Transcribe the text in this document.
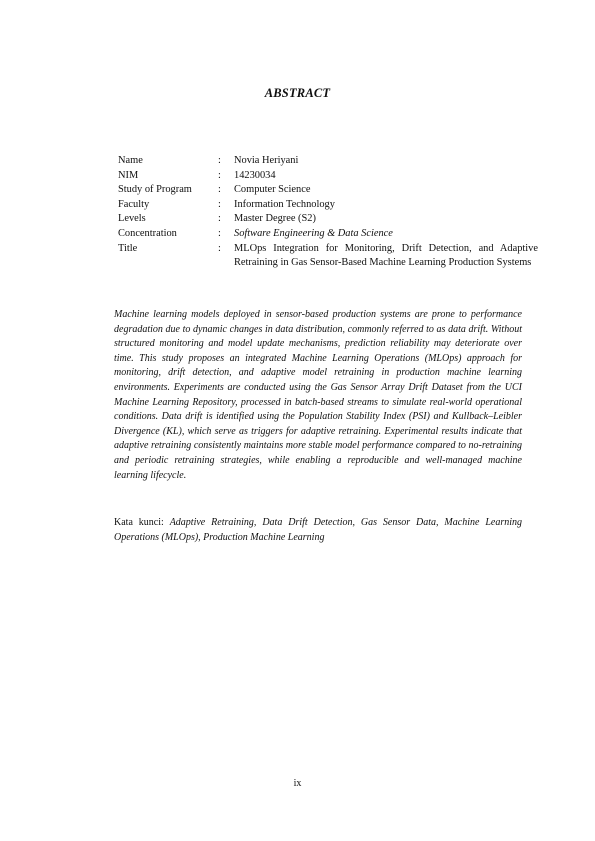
ABSTRACT
Name	:	Novia Heriyani
NIM	:	14230034
Study of Program	:	Computer Science
Faculty	:	Information Technology
Levels	:	Master Degree (S2)
Concentration	:	Software Engineering & Data Science
Title	:	MLOps Integration for Monitoring, Drift Detection, and Adaptive Retraining in Gas Sensor-Based Machine Learning Production Systems

Machine learning models deployed in sensor-based production systems are prone to performance degradation due to dynamic changes in data distribution, commonly referred to as data drift. Without structured monitoring and model update mechanisms, prediction reliability may deteriorate over time. This study proposes an integrated Machine Learning Operations (MLOps) approach for monitoring, drift detection, and adaptive model retraining in production machine learning environments. Experiments are conducted using the Gas Sensor Array Drift Dataset from the UCI Machine Learning Repository, processed in batch-based streams to simulate real-world operational conditions. Data drift is identified using the Population Stability Index (PSI) and Kullback–Leibler Divergence (KL), which serve as triggers for adaptive retraining. Experimental results indicate that adaptive retraining consistently maintains more stable model performance compared to no-retraining and periodic retraining strategies, while enabling a reproducible and well-managed machine learning lifecycle.

Kata kunci: Adaptive Retraining, Data Drift Detection, Gas Sensor Data, Machine Learning Operations (MLOps), Production Machine Learning

ix
